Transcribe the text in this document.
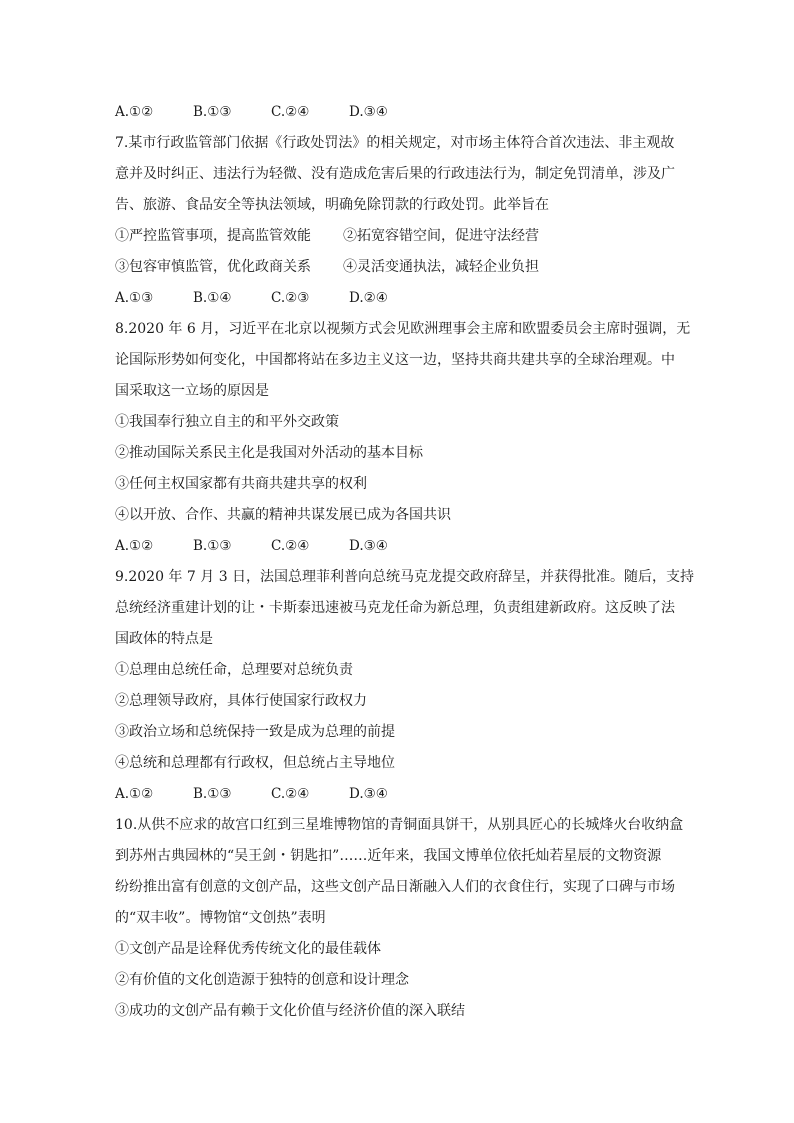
A.①②	B.①③	C.②④	D.③④
7.某市行政监管部门依据《行政处罚法》的相关规定，对市场主体符合首次违法、非主观故
意并及时纠正、违法行为轻微、没有造成危害后果的行政违法行为，制定免罚清单，涉及广
告、旅游、食品安全等执法领域，明确免除罚款的行政处罚。此举旨在
①严控监管事项，提高监管效能	②拓宽容错空间，促进守法经营
③包容审慎监管，优化政商关系	④灵活变通执法，减轻企业负担
A.①③	B.①④	C.②③	D.②④
8.2020 年 6 月，习近平在北京以视频方式会见欧洲理事会主席和欧盟委员会主席时强调，无
论国际形势如何变化，中国都将站在多边主义这一边，坚持共商共建共享的全球治理观。中
国采取这一立场的原因是
①我国奉行独立自主的和平外交政策
②推动国际关系民主化是我国对外活动的基本目标
③任何主权国家都有共商共建共享的权利
④以开放、合作、共赢的精神共谋发展已成为各国共识
A.①②	B.①③	C.②④	D.③④
9.2020 年 7 月 3 日，法国总理菲利普向总统马克龙提交政府辞呈，并获得批准。随后，支持
总统经济重建计划的让・卡斯泰迅速被马克龙任命为新总理，负责组建新政府。这反映了法
国政体的特点是
①总理由总统任命，总理要对总统负责
②总理领导政府，具体行使国家行政权力
③政治立场和总统保持一致是成为总理的前提
④总统和总理都有行政权，但总统占主导地位
A.①②	B.①③	C.②④	D.③④
10.从供不应求的故宫口红到三星堆博物馆的青铜面具饼干，从别具匠心的长城烽火台收纳盒
到苏州古典园林的“吴王剑・钥匙扣”……近年来，我国文博单位依托灿若星辰的文物资源
纷纷推出富有创意的文创产品，这些文创产品日渐融入人们的衣食住行，实现了口碑与市场
的“双丰收”。博物馆“文创热”表明
①文创产品是诠释优秀传统文化的最佳载体
②有价值的文化创造源于独特的创意和设计理念
③成功的文创产品有赖于文化价值与经济价值的深入联结
